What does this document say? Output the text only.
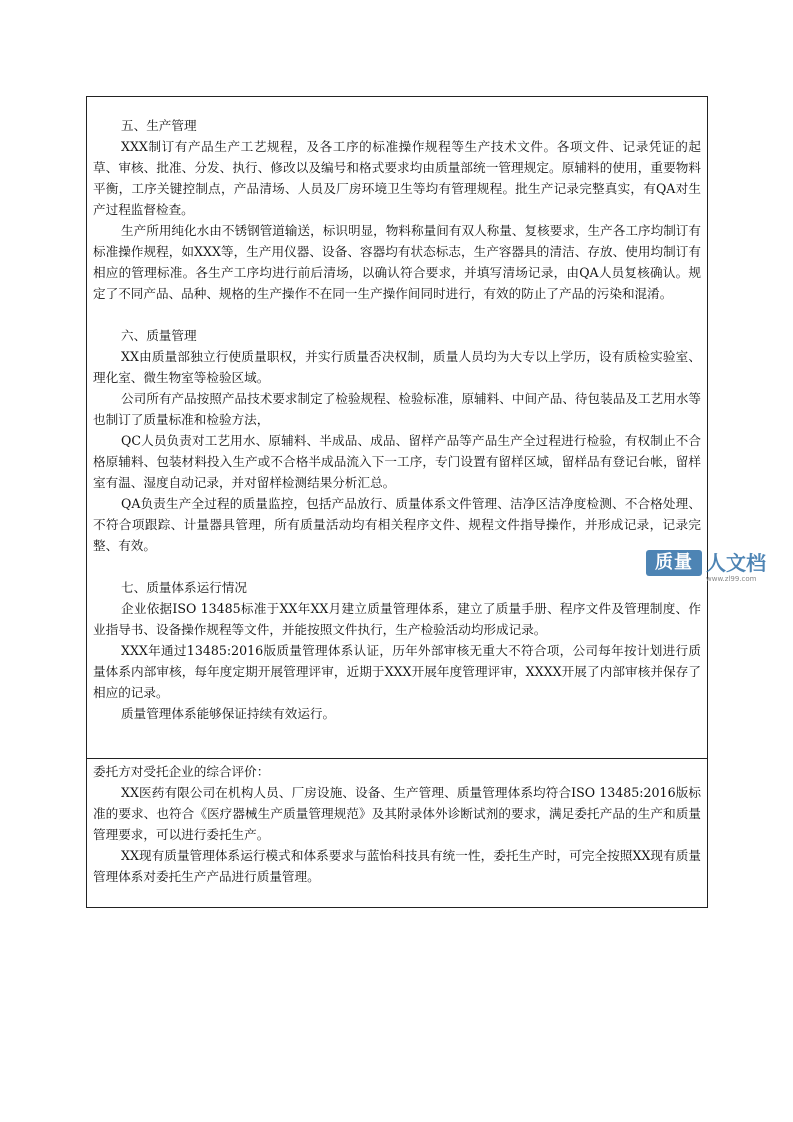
五、生产管理

XXX制订有产品生产工艺规程，及各工序的标准操作规程等生产技术文件。各项文件、记录凭证的起草、审核、批准、分发、执行、修改以及编号和格式要求均由质量部统一管理规定。原辅料的使用，重要物料平衡，工序关键控制点，产品清场、人员及厂房环境卫生等均有管理规程。批生产记录完整真实，有QA对生产过程监督检查。

生产所用纯化水由不锈钢管道输送，标识明显，物料称量间有双人称量、复核要求，生产各工序均制订有标准操作规程，如XXX等，生产用仪器、设备、容器均有状态标志，生产容器具的清洁、存放、使用均制订有相应的管理标准。各生产工序均进行前后清场，以确认符合要求，并填写清场记录，由QA人员复核确认。规定了不同产品、品种、规格的生产操作不在同一生产操作间同时进行，有效的防止了产品的污染和混淆。

六、质量管理

XX由质量部独立行使质量职权，并实行质量否决权制，质量人员均为大专以上学历，设有质检实验室、理化室、微生物室等检验区域。

公司所有产品按照产品技术要求制定了检验规程、检验标准，原辅料、中间产品、待包装品及工艺用水等也制订了质量标准和检验方法，

QC人员负责对工艺用水、原辅料、半成品、成品、留样产品等产品生产全过程进行检验，有权制止不合格原辅料、包装材料投入生产或不合格半成品流入下一工序，专门设置有留样区域，留样品有登记台帐，留样室有温、湿度自动记录，并对留样检测结果分析汇总。

QA负责生产全过程的质量监控，包括产品放行、质量体系文件管理、洁净区洁净度检测、不合格处理、不符合项跟踪、计量器具管理，所有质量活动均有相关程序文件、规程文件指导操作，并形成记录，记录完整、有效。

七、质量体系运行情况

企业依据ISO 13485标准于XX年XX月建立质量管理体系，建立了质量手册、程序文件及管理制度、作业指导书、设备操作规程等文件，并能按照文件执行，生产检验活动均形成记录。

XXX年通过13485:2016版质量管理体系认证，历年外部审核无重大不符合项，公司每年按计划进行质量体系内部审核，每年度定期开展管理评审，近期于XXX开展年度管理评审，XXXX开展了内部审核并保存了相应的记录。

质量管理体系能够保证持续有效运行。

委托方对受托企业的综合评价：

XX医药有限公司在机构人员、厂房设施、设备、生产管理、质量管理体系均符合ISO 13485:2016版标准的要求、也符合《医疗器械生产质量管理规范》及其附录体外诊断试剂的要求，满足委托产品的生产和质量管理要求，可以进行委托生产。

XX现有质量管理体系运行模式和体系要求与蓝怡科技具有统一性，委托生产时，可完全按照XX现有质量管理体系对委托生产产品进行质量管理。

质量 人文档
www.zl99.com
